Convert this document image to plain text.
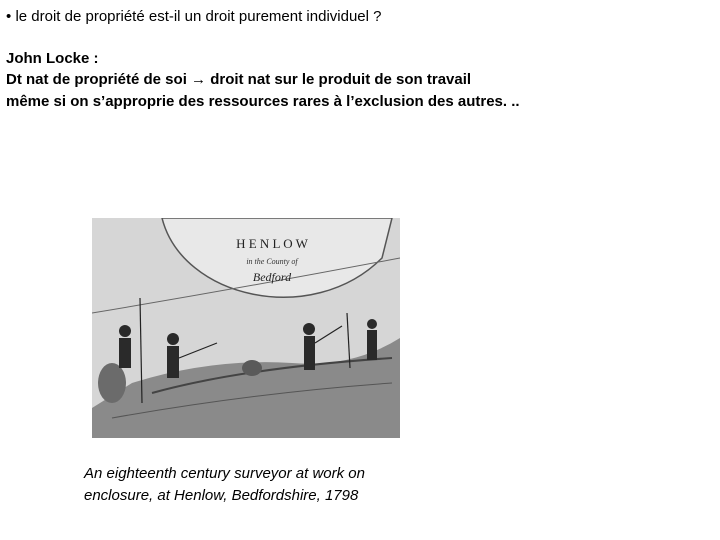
• le droit de propriété est-il un droit purement individuel ?
John Locke :
Dt nat de propriété de soi → droit nat sur le produit de son travail
même si on s’approprie des ressources rares à l’exclusion des autres. ..
H E N L O W
in the County of
Bedford
An eighteenth century surveyor at work on
enclosure, at Henlow, Bedfordshire, 1798
